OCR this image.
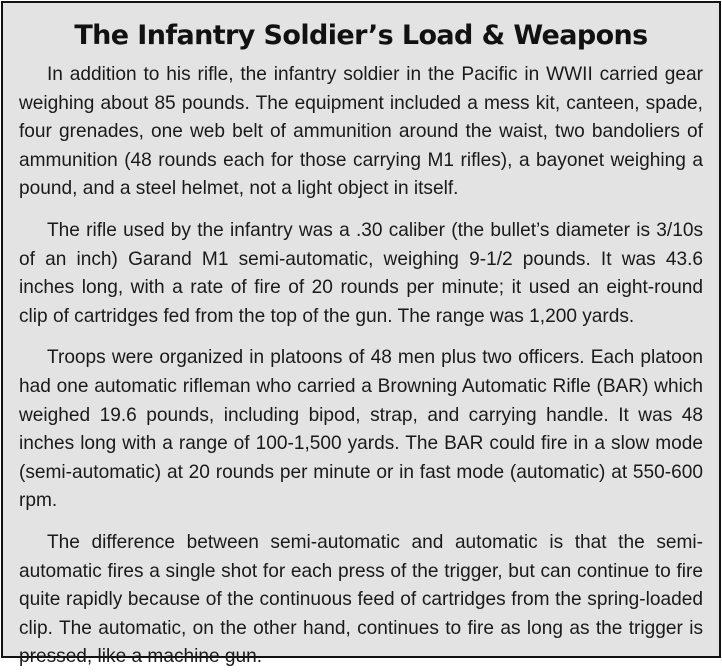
The Infantry Soldier’s Load & Weapons

In addition to his rifle, the infantry soldier in the Pacific in WWII carried gear weighing about 85 pounds. The equipment included a mess kit, canteen, spade, four grenades, one web belt of ammunition around the waist, two bandoliers of ammunition (48 rounds each for those carrying M1 rifles), a bayonet weighing a pound, and a steel helmet, not a light object in itself.

The rifle used by the infantry was a .30 caliber (the bullet’s diameter is 3/10s of an inch) Garand M1 semi-automatic, weighing 9-1/2 pounds. It was 43.6 inches long, with a rate of fire of 20 rounds per minute; it used an eight-round clip of cartridges fed from the top of the gun. The range was 1,200 yards.

Troops were organized in platoons of 48 men plus two officers. Each platoon had one automatic rifleman who carried a Browning Automatic Rifle (BAR) which weighed 19.6 pounds, including bipod, strap, and carrying handle. It was 48 inches long with a range of 100-1,500 yards. The BAR could fire in a slow mode (semi-automatic) at 20 rounds per minute or in fast mode (automatic) at 550-600 rpm.

The difference between semi-automatic and automatic is that the semi-automatic fires a single shot for each press of the trigger, but can continue to fire quite rapidly because of the continuous feed of cartridges from the spring-loaded clip. The automatic, on the other hand, continues to fire as long as the trigger is pressed, like a machine gun.
